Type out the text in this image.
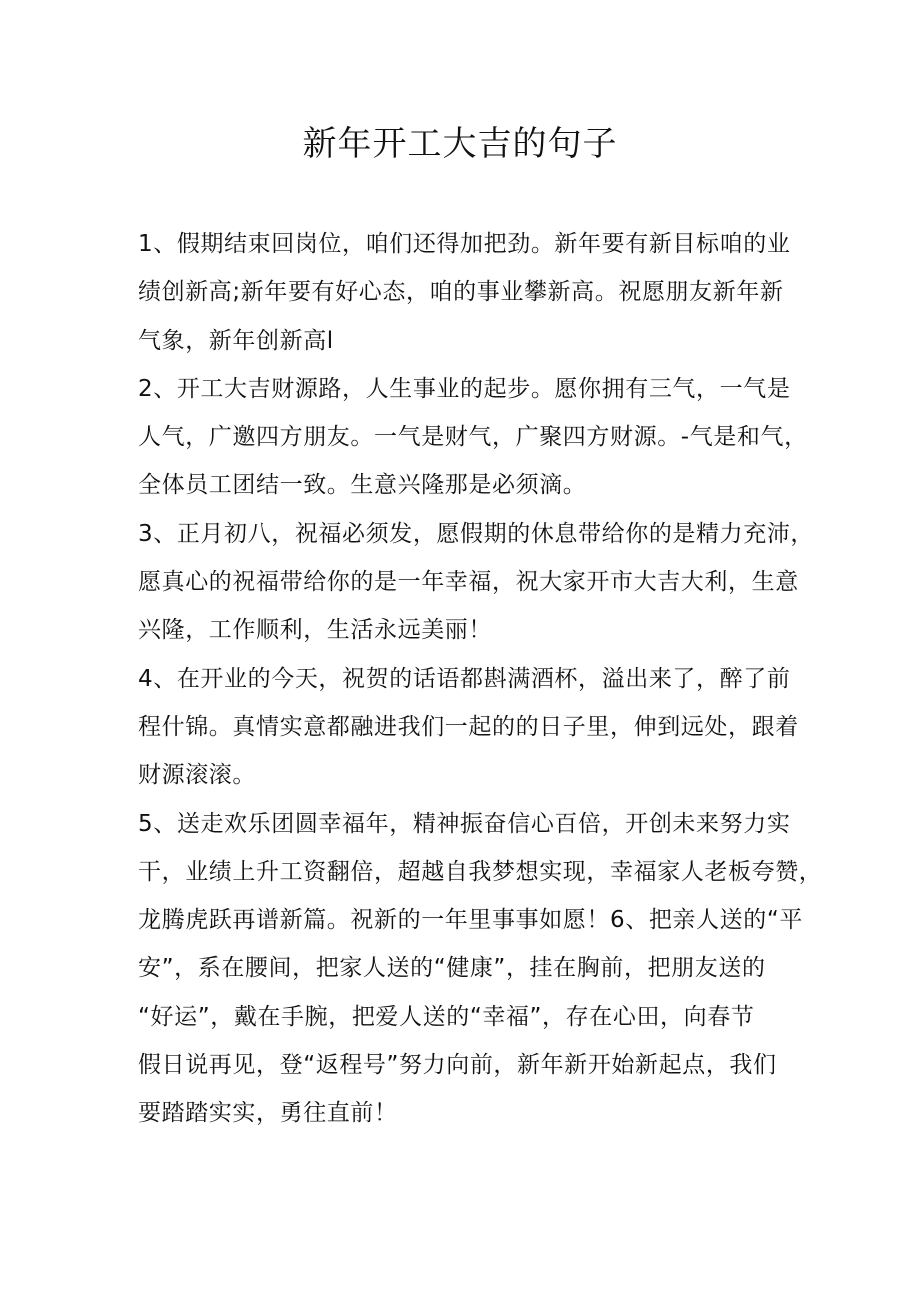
新年开工大吉的句子
1、假期结束回岗位，咱们还得加把劲。新年要有新目标咱的业
绩创新高;新年要有好心态，咱的事业攀新高。祝愿朋友新年新
气象，新年创新高l
2、开工大吉财源路，人生事业的起步。愿你拥有三气，一气是
人气，广邀四方朋友。一气是财气，广聚四方财源。-气是和气，
全体员工团结一致。生意兴隆那是必须滴。
3、正月初八，祝福必须发，愿假期的休息带给你的是精力充沛，
愿真心的祝福带给你的是一年幸福，祝大家开市大吉大利，生意
兴隆，工作顺利，生活永远美丽！
4、在开业的今天，祝贺的话语都斟满酒杯，溢出来了，醉了前
程什锦。真情实意都融进我们一起的的日子里，伸到远处，跟着
财源滚滚。
5、送走欢乐团圆幸福年，精神振奋信心百倍，开创未来努力实
干，业绩上升工资翻倍，超越自我梦想实现，幸福家人老板夸赞，
龙腾虎跃再谱新篇。祝新的一年里事事如愿！6、把亲人送的“平
安”，系在腰间，把家人送的“健康”，挂在胸前，把朋友送的
“好运”，戴在手腕，把爱人送的“幸福”，存在心田，向春节
假日说再见，登“返程号”努力向前，新年新开始新起点，我们
要踏踏实实，勇往直前！
